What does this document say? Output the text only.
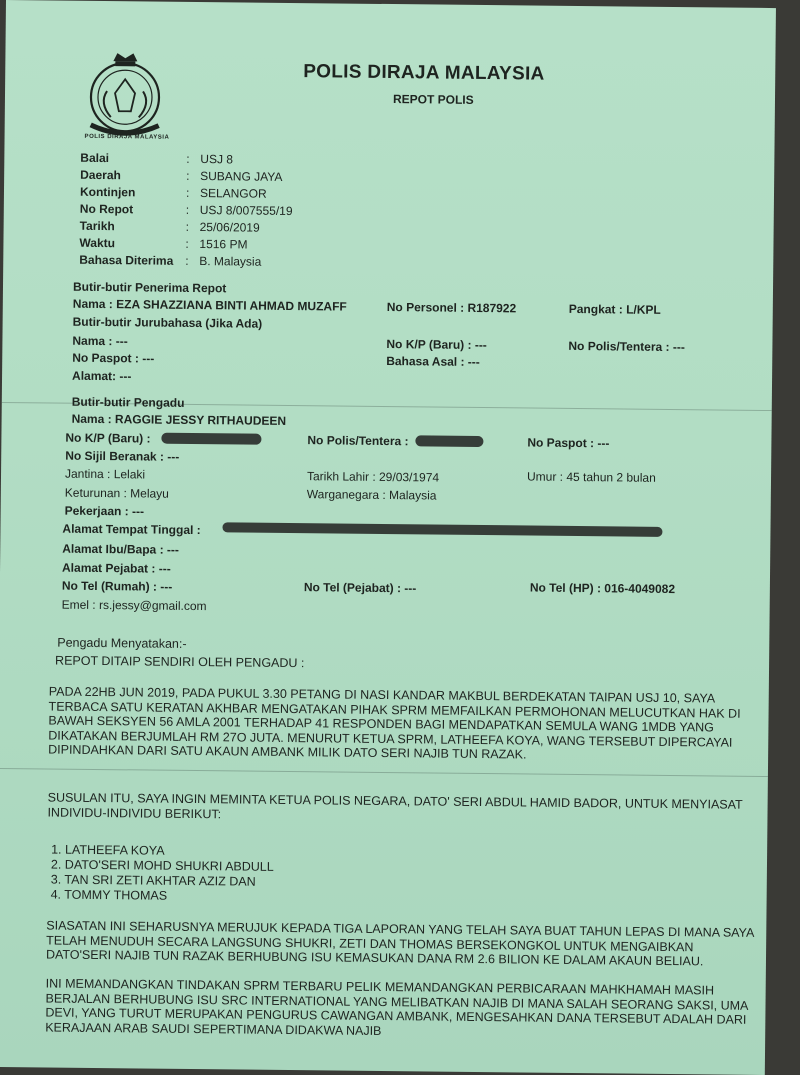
POLIS DIRAJA MALAYSIA
POLIS DIRAJA MALAYSIA
REPOT POLIS
Balai	: USJ 8
Daerah	: SUBANG JAYA
Kontinjen	: SELANGOR
No Repot	: USJ 8/007555/19
Tarikh	: 25/06/2019
Waktu	: 1516 PM
Bahasa Diterima : B. Malaysia
Butir-butir Penerima Repot
Nama : EZA SHAZZIANA BINTI AHMAD MUZAFF	No Personel : R187922	Pangkat : L/KPL
Butir-butir Jurubahasa (Jika Ada)
Nama : ---	No K/P (Baru) : ---	No Polis/Tentera : ---
No Paspot : ---	Bahasa Asal : ---
Alamat: ---
Butir-butir Pengadu
Nama : RAGGIE JESSY RITHAUDEEN
No K/P (Baru) :	No Polis/Tentera :	No Paspot : ---
No Sijil Beranak : ---
Jantina : Lelaki	Tarikh Lahir : 29/03/1974	Umur : 45 tahun 2 bulan
Keturunan : Melayu	Warganegara : Malaysia
Pekerjaan : ---
Alamat Tempat Tinggal :
Alamat Ibu/Bapa : ---
Alamat Pejabat : ---
No Tel (Rumah) : ---	No Tel (Pejabat) : ---	No Tel (HP) : 016-4049082
Emel : rs.jessy@gmail.com
Pengadu Menyatakan:-
REPOT DITAIP SENDIRI OLEH PENGADU :

PADA 22HB JUN 2019, PADA PUKUL 3.30 PETANG DI NASI KANDAR MAKBUL BERDEKATAN TAIPAN USJ 10, SAYA TERBACA SATU KERATAN AKHBAR MENGATAKAN PIHAK SPRM MEMFAILKAN PERMOHONAN MELUCUTKAN HAK DI BAWAH SEKSYEN 56 AMLA 2001 TERHADAP 41 RESPONDEN BAGI MENDAPATKAN SEMULA WANG 1MDB YANG DIKATAKAN BERJUMLAH RM 27O JUTA. MENURUT KETUA SPRM, LATHEEFA KOYA, WANG TERSEBUT DIPERCAYAI DIPINDAHKAN DARI SATU AKAUN AMBANK MILIK DATO SERI NAJIB TUN RAZAK.

SUSULAN ITU, SAYA INGIN MEMINTA KETUA POLIS NEGARA, DATO' SERI ABDUL HAMID BADOR, UNTUK MENYIASAT INDIVIDU-INDIVIDU BERIKUT:

1. LATHEEFA KOYA
2. DATO'SERI MOHD SHUKRI ABDULL
3. TAN SRI ZETI AKHTAR AZIZ DAN
4. TOMMY THOMAS

SIASATAN INI SEHARUSNYA MERUJUK KEPADA TIGA LAPORAN YANG TELAH SAYA BUAT TAHUN LEPAS DI MANA SAYA TELAH MENUDUH SECARA LANGSUNG SHUKRI, ZETI DAN THOMAS BERSEKONGKOL UNTUK MENGAIBKAN DATO'SERI NAJIB TUN RAZAK BERHUBUNG ISU KEMASUKAN DANA RM 2.6 BILION KE DALAM AKAUN BELIAU.

INI MEMANDANGKAN TINDAKAN SPRM TERBARU PELIK MEMANDANGKAN PERBICARAAN MAHKHAMAH MASIH BERJALAN BERHUBUNG ISU SRC INTERNATIONAL YANG MELIBATKAN NAJIB DI MANA SALAH SEORANG SAKSI, UMA DEVI, YANG TURUT MERUPAKAN PENGURUS CAWANGAN AMBANK, MENGESAHKAN DANA TERSEBUT ADALAH DARI KERAJAAN ARAB SAUDI SEPERTIMANA DIDAKWA NAJIB
